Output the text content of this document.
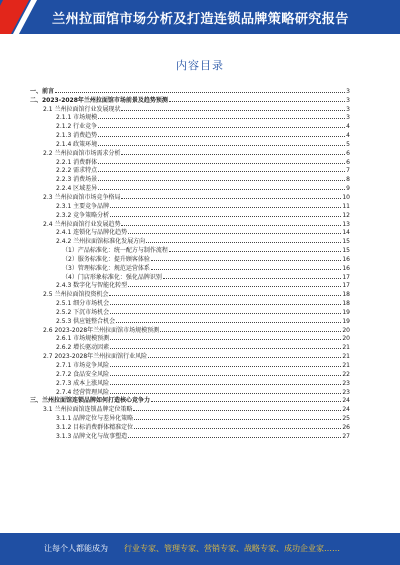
兰州拉面馆市场分析及打造连锁品牌策略研究报告
内容目录
一、前言	3
二、2023-2028年兰州拉面馆市场前景及趋势预测	3
2.1 兰州拉面馆行业发展现状	3
2.1.1 市场规模	3
2.1.2 行业竞争	4
2.1.3 消费趋势	4
2.1.4 政策环境	5
2.2 兰州拉面馆市场需求分析	6
2.2.1 消费群体	6
2.2.2 需求特点	7
2.2.3 消费场景	8
2.2.4 区域差异	9
2.3 兰州拉面馆市场竞争格局	10
2.3.1 主要竞争品牌	11
2.3.2 竞争策略分析	12
2.4 兰州拉面馆行业发展趋势	13
2.4.1 连锁化与品牌化趋势	14
2.4.2 兰州拉面馆标准化发展方向	15
（1）产品标准化：统一配方与制作流程	15
（2）服务标准化：提升顾客体验	16
（3）管理标准化：规范运营体系	16
（4）门店形象标准化：强化品牌识别	17
2.4.3 数字化与智能化转型	17
2.5 兰州拉面馆投资机会	18
2.5.1 细分市场机会	18
2.5.2 下沉市场机会	19
2.5.3 供应链整合机会	19
2.6 2023-2028年兰州拉面馆市场规模预测	20
2.6.1 市场规模预测	20
2.6.2 增长驱动因素	21
2.7 2023-2028年兰州拉面馆行业风险	21
2.7.1 市场竞争风险	21
2.7.2 食品安全风险	22
2.7.3 成本上涨风险	23
2.7.4 经营管理风险	23
三、兰州拉面馆连锁品牌如何打造核心竞争力	24
3.1 兰州拉面馆连锁品牌定位策略	24
3.1.1 品牌定位与差异化策略	25
3.1.2 目标消费群体精准定位	26
3.1.3 品牌文化与故事塑造	27
让每个人都能成为 行业专家、管理专家、营销专家、战略专家、成功企业家……
